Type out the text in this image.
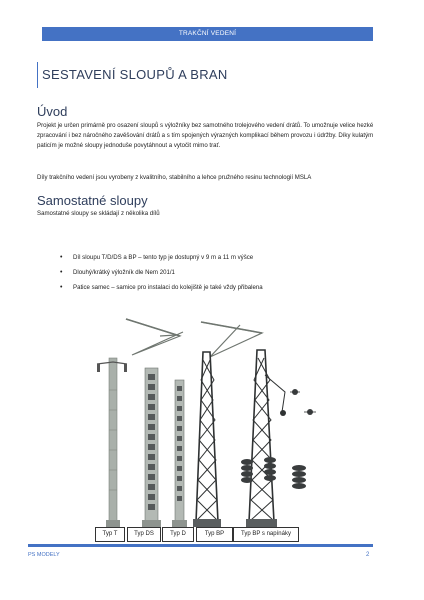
TRAKČNÍ VEDENÍ
SESTAVENÍ SLOUPŮ A BRAN
Úvod
Projekt je určen primárně pro osazení sloupů s výložníky bez samotného trolejového vedení drátů. To umožnuje velice hezké zpracování i bez náročného zavěšování drátů a s tím spojených výrazných komplikací během provozu i údržby. Díky kulatým paticím je možné sloupy jednoduše povytáhnout a vytočit mimo trať.
Díly trakčního vedení jsou vyrobeny z kvalitního, stabilního a lehce pružného resinu technologií MSLA
Samostatné sloupy
Samostatné sloupy se skládají z několika dílů
• Díl sloupu T/D/DS a BP – tento typ je dostupný v 9 m a 11 m výšce
• Dlouhý/krátký výložník dle Nem 201/1
• Patice samec – samice pro instalaci do kolejiště je také vždy přibalena
Typ T	Typ DS	Typ D	Typ BP	Typ BP s napínáky
PS MODELY	2
